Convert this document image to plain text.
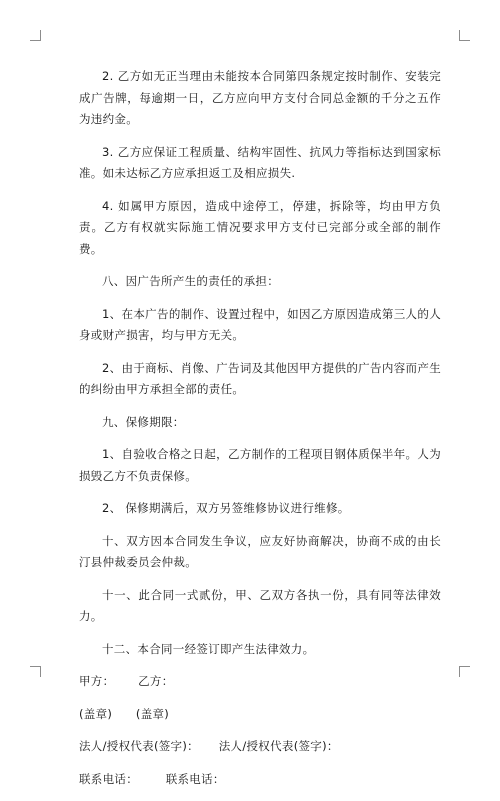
2. 乙方如无正当理由未能按本合同第四条规定按时制作、安装完成广告牌，每逾期一日，乙方应向甲方支付合同总金额的千分之五作为违约金。

3. 乙方应保证工程质量、结构牢固性、抗风力等指标达到国家标准。如未达标乙方应承担返工及相应损失.

4. 如属甲方原因，造成中途停工，停建，拆除等，均由甲方负责。乙方有权就实际施工情况要求甲方支付已完部分或全部的制作费。

八、因广告所产生的责任的承担：

1、在本广告的制作、设置过程中，如因乙方原因造成第三人的人身或财产损害，均与甲方无关。

2、由于商标、肖像、广告词及其他因甲方提供的广告内容而产生的纠纷由甲方承担全部的责任。

九、保修期限：

1、自验收合格之日起，乙方制作的工程项目钢体质保半年。人为损毁乙方不负责保修。

2、 保修期满后，双方另签维修协议进行维修。

十、双方因本合同发生争议，应友好协商解决，协商不成的由长汀县仲裁委员会仲裁。

十一、此合同一式贰份，甲、乙双方各执一份，具有同等法律效力。

十二、本合同一经签订即产生法律效力。

甲方：      乙方：

(盖章)      (盖章)

法人/授权代表(签字)：     法人/授权代表(签字)：

联系电话：       联系电话：
